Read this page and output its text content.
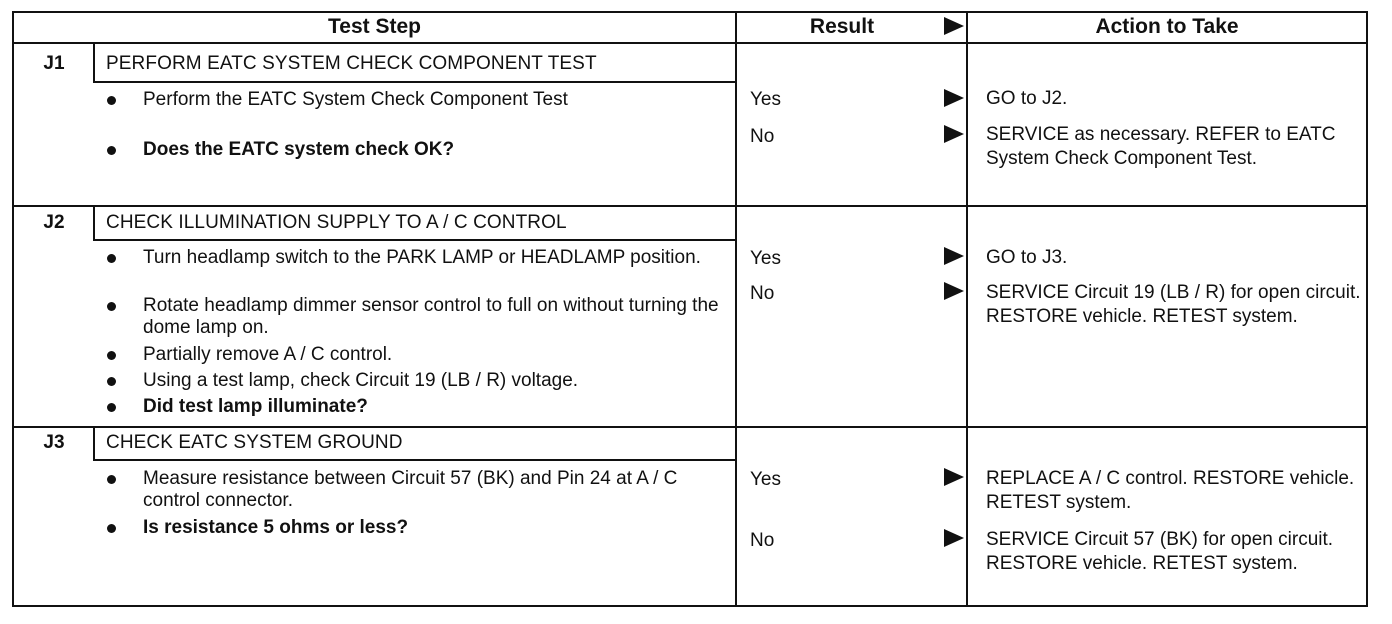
Test Step	Result	Action to Take
J1	PERFORM EATC SYSTEM CHECK COMPONENT TEST
Perform the EATC System Check Component Test
Does the EATC system check OK?
Yes	GO to J2.
No	SERVICE as necessary. REFER to EATC System Check Component Test.
J2	CHECK ILLUMINATION SUPPLY TO A / C CONTROL
Turn headlamp switch to the PARK LAMP or HEADLAMP position.
Rotate headlamp dimmer sensor control to full on without turning the dome lamp on.
Partially remove A / C control.
Using a test lamp, check Circuit 19 (LB / R) voltage.
Did test lamp illuminate?
Yes	GO to J3.
No	SERVICE Circuit 19 (LB / R) for open circuit. RESTORE vehicle. RETEST system.
J3	CHECK EATC SYSTEM GROUND
Measure resistance between Circuit 57 (BK) and Pin 24 at A / C control connector.
Is resistance 5 ohms or less?
Yes	REPLACE A / C control. RESTORE vehicle. RETEST system.
No	SERVICE Circuit 57 (BK) for open circuit. RESTORE vehicle. RETEST system.
